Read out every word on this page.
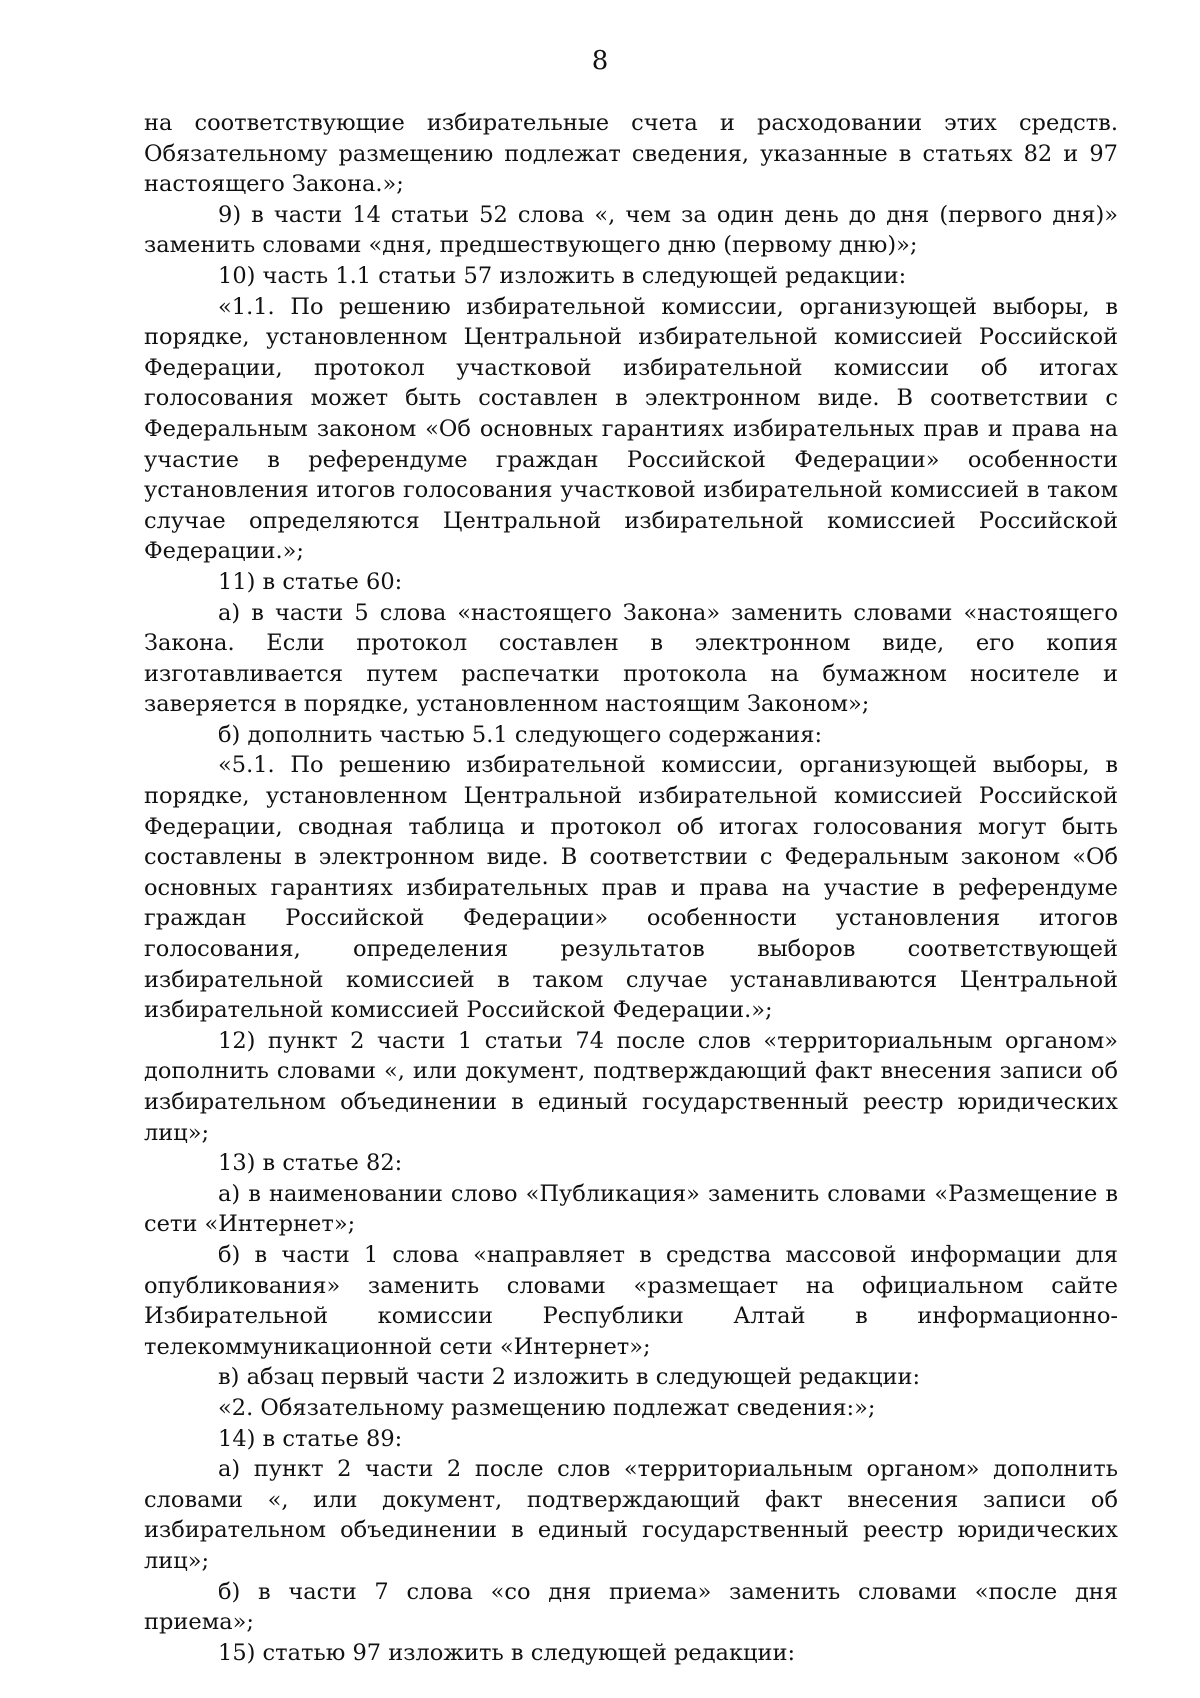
8

на соответствующие избирательные счета и расходовании этих средств. Обязательному размещению подлежат сведения, указанные в статьях 82 и 97 настоящего Закона.»;

9) в части 14 статьи 52 слова «, чем за один день до дня (первого дня)» заменить словами «дня, предшествующего дню (первому дню)»;

10) часть 1.1 статьи 57 изложить в следующей редакции:

«1.1. По решению избирательной комиссии, организующей выборы, в порядке, установленном Центральной избирательной комиссией Российской Федерации, протокол участковой избирательной комиссии об итогах голосования может быть составлен в электронном виде. В соответствии с Федеральным законом «Об основных гарантиях избирательных прав и права на участие в референдуме граждан Российской Федерации» особенности установления итогов голосования участковой избирательной комиссией в таком случае определяются Центральной избирательной комиссией Российской Федерации.»;

11) в статье 60:

а) в части 5 слова «настоящего Закона» заменить словами «настоящего Закона. Если протокол составлен в электронном виде, его копия изготавливается путем распечатки протокола на бумажном носителе и заверяется в порядке, установленном настоящим Законом»;

б) дополнить частью 5.1 следующего содержания:

«5.1. По решению избирательной комиссии, организующей выборы, в порядке, установленном Центральной избирательной комиссией Российской Федерации, сводная таблица и протокол об итогах голосования могут быть составлены в электронном виде. В соответствии с Федеральным законом «Об основных гарантиях избирательных прав и права на участие в референдуме граждан Российской Федерации» особенности установления итогов голосования, определения результатов выборов соответствующей избирательной комиссией в таком случае устанавливаются Центральной избирательной комиссией Российской Федерации.»;

12) пункт 2 части 1 статьи 74 после слов «территориальным органом» дополнить словами «, или документ, подтверждающий факт внесения записи об избирательном объединении в единый государственный реестр юридических лиц»;

13) в статье 82:

а) в наименовании слово «Публикация» заменить словами «Размещение в сети «Интернет»;

б) в части 1 слова «направляет в средства массовой информации для опубликования» заменить словами «размещает на официальном сайте Избирательной комиссии Республики Алтай в информационно-телекоммуникационной сети «Интернет»;

в) абзац первый части 2 изложить в следующей редакции:

«2. Обязательному размещению подлежат сведения:»;

14) в статье 89:

а) пункт 2 части 2 после слов «территориальным органом» дополнить словами «, или документ, подтверждающий факт внесения записи об избирательном объединении в единый государственный реестр юридических лиц»;

б) в части 7 слова «со дня приема» заменить словами «после дня приема»;

15) статью 97 изложить в следующей редакции:
